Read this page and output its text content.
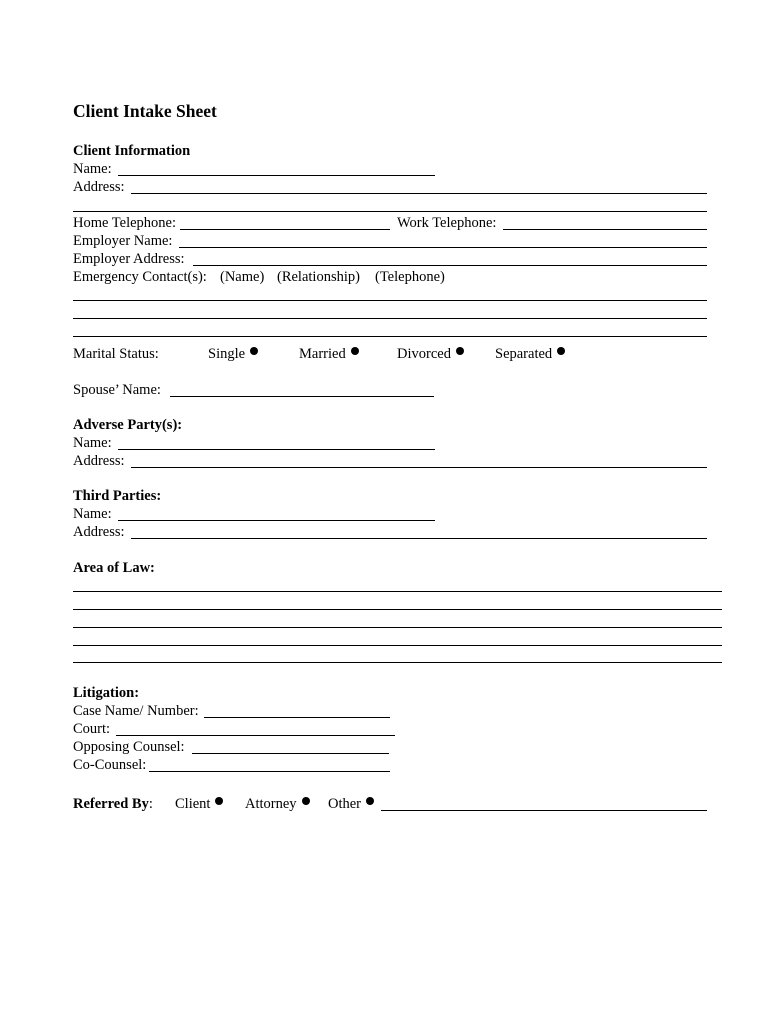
Client Intake Sheet
Client Information
Name:
Address:
Home Telephone:	Work Telephone:
Employer Name:
Employer Address:
Emergency Contact(s): (Name) (Relationship) (Telephone)
Marital Status:	Single	Married	Divorced	Separated
Spouse’ Name:
Adverse Party(s):
Name:
Address:
Third Parties:
Name:
Address:
Area of Law:
Litigation:
Case Name/ Number:
Court:
Opposing Counsel:
Co-Counsel:
Referred By: Client	Attorney	Other
